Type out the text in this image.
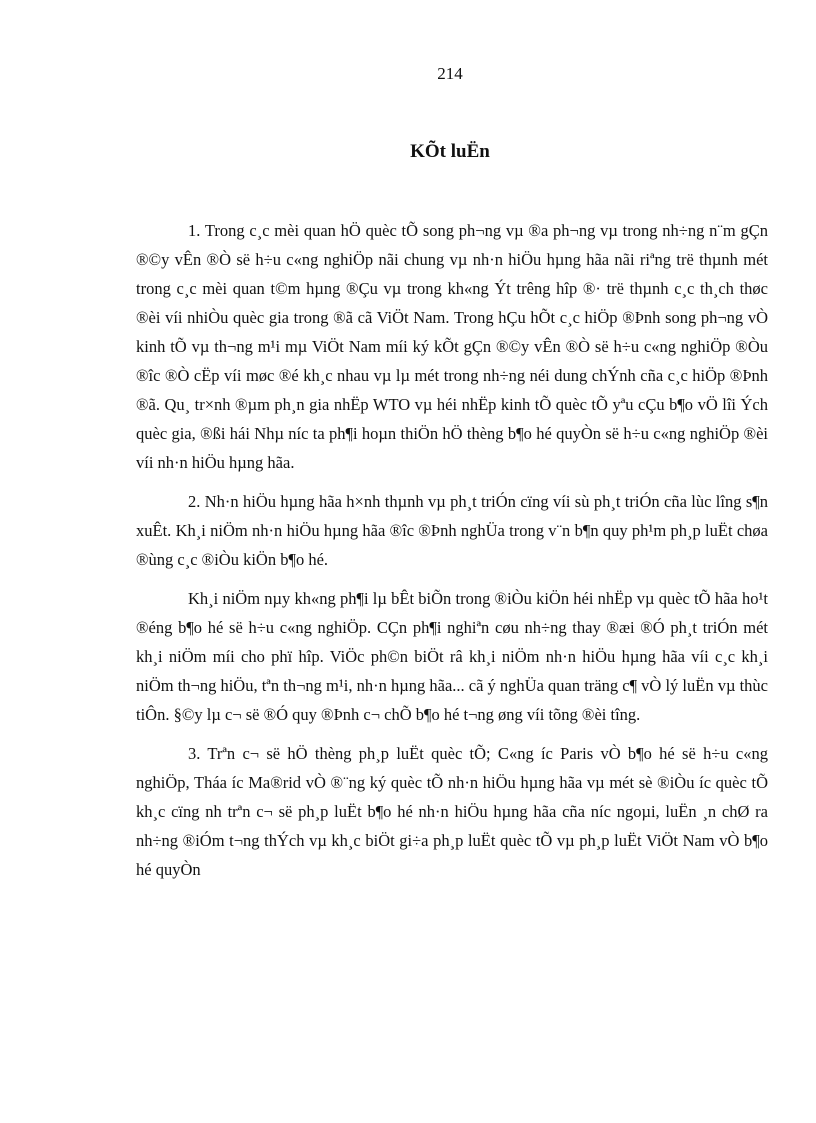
214
KÕt luËn

1. Trong c¸c mèi quan hÖ quèc tÕ song ph¬ng vµ ®a ph¬ng vµ trong nh÷ng n¨m gÇn ®©y vÊn ®Ò së h÷u c«ng nghiÖp nãi chung vµ nh·n hiÖu hµng hãa nãi riªng trë thµnh mét trong c¸c mèi quan t©m hµng ®Çu vµ trong kh«ng Ýt trêng hîp ®· trë thµnh c¸c th¸ch thøc ®èi víi nhiÒu quèc gia trong ®ã cã ViÖt Nam. Trong hÇu hÕt c¸c hiÖp ®Þnh song ph¬ng vÒ kinh tÕ vµ th¬ng m¹i mµ ViÖt Nam míi ký kÕt gÇn ®©y vÊn ®Ò së h÷u c«ng nghiÖp ®Òu ®îc ®Ò cËp víi møc ®é kh¸c nhau vµ lµ mét trong nh÷ng néi dung chÝnh cña c¸c hiÖp ®Þnh ®ã. Qu¸ tr×nh ®µm ph¸n gia nhËp WTO vµ héi nhËp kinh tÕ quèc tÕ yªu cÇu b¶o vÖ lîi Ých quèc gia, ®ßi hái Nhµ níc ta ph¶i hoµn thiÖn hÖ thèng b¶o hé quyÒn së h÷u c«ng nghiÖp ®èi víi nh·n hiÖu hµng hãa.

2. Nh·n hiÖu hµng hãa h×nh thµnh vµ ph¸t triÓn cïng víi sù ph¸t triÓn cña lùc lîng s¶n xuÊt. Kh¸i niÖm nh·n hiÖu hµng hãa ®îc ®Þnh nghÜa trong v¨n b¶n quy ph¹m ph¸p luËt chøa ®ùng c¸c ®iÒu kiÖn b¶o hé.

Kh¸i niÖm nµy kh«ng ph¶i lµ bÊt biÕn trong ®iÒu kiÖn héi nhËp vµ quèc tÕ hãa ho¹t ®éng b¶o hé së h÷u c«ng nghiÖp. CÇn ph¶i nghiªn cøu nh÷ng thay ®æi ®Ó ph¸t triÓn mét kh¸i niÖm míi cho phï hîp. ViÖc ph©n biÖt râ kh¸i niÖm nh·n hiÖu hµng hãa víi c¸c kh¸i niÖm th¬ng hiÖu, tªn th¬ng m¹i, nh·n hµng hãa... cã ý nghÜa quan träng c¶ vÒ lý luËn vµ thùc tiÔn. §©y lµ c¬ së ®Ó quy ®Þnh c¬ chÕ b¶o hé t¬ng øng víi tõng ®èi tîng.

3. Trªn c¬ së hÖ thèng ph¸p luËt quèc tÕ; C«ng íc Paris vÒ b¶o hé së h÷u c«ng nghiÖp, Tháa íc Ma®rid vÒ ®¨ng ký quèc tÕ nh·n hiÖu hµng hãa vµ mét sè ®iÒu íc quèc tÕ kh¸c cïng nh trªn c¬ së ph¸p luËt b¶o hé nh·n hiÖu hµng hãa cña níc ngoµi, luËn ¸n chØ ra nh÷ng ®iÓm t¬ng thÝch vµ kh¸c biÖt gi÷a ph¸p luËt quèc tÕ vµ ph¸p luËt ViÖt Nam vÒ b¶o hé quyÒn
